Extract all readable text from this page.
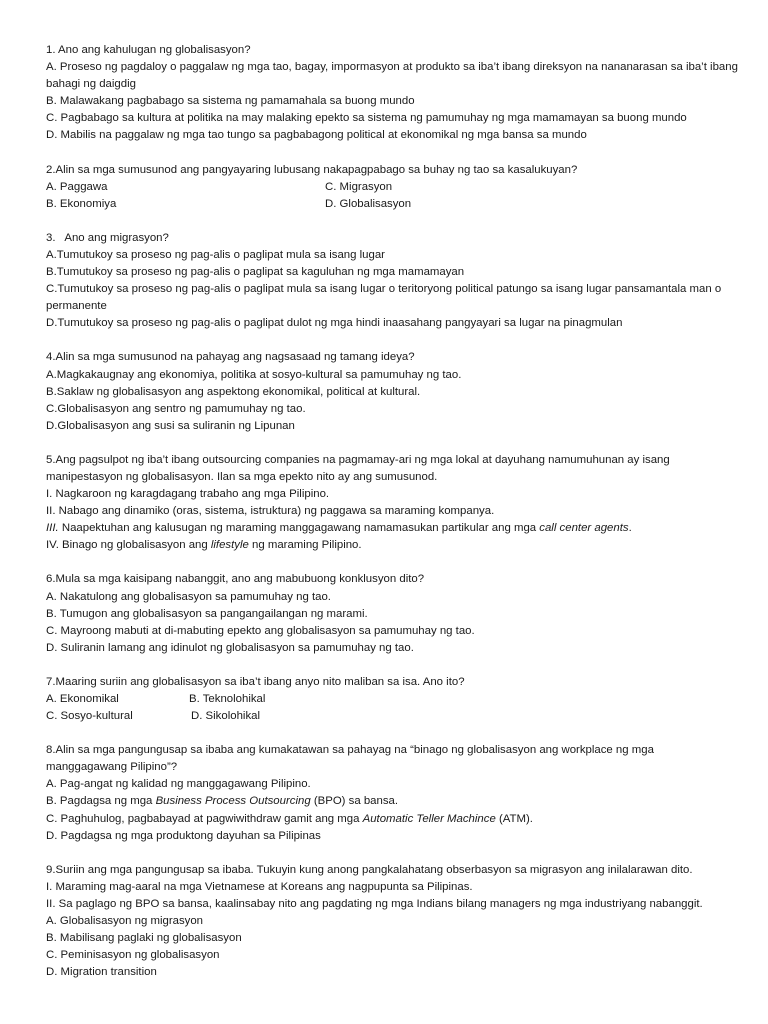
1. Ano ang kahulugan ng globalisasyon?

A. Proseso ng pagdaloy o paggalaw ng mga tao, bagay, impormasyon at produkto sa iba’t ibang direksyon na nananarasan sa iba’t ibang bahagi ng daigdig

B. Malawakang pagbabago sa sistema ng pamamahala sa buong mundo

C. Pagbabago sa kultura at politika na may malaking epekto sa sistema ng pamumuhay ng mga mamamayan sa buong mundo

D. Mabilis na paggalaw ng mga tao tungo sa pagbabagong political at ekonomikal ng mga bansa sa mundo

2.Alin sa mga sumusunod ang pangyayaring lubusang nakapagpabago sa buhay ng tao sa kasalukuyan?

A. Paggawa	C. Migrasyon
B. Ekonomiya	D. Globalisasyon

3.   Ano ang migrasyon?

A.Tumutukoy sa proseso ng pag-alis o paglipat mula sa isang lugar

B.Tumutukoy sa proseso ng pag-alis o paglipat sa kaguluhan ng mga mamamayan

C.Tumutukoy sa proseso ng pag-alis o paglipat mula sa isang lugar o teritoryong political patungo sa isang lugar pansamantala man o permanente

D.Tumutukoy sa proseso ng pag-alis o paglipat dulot ng mga hindi inaasahang pangyayari sa lugar na pinagmulan

4.Alin sa mga sumusunod na pahayag ang nagsasaad ng tamang ideya?

A.Magkakaugnay ang ekonomiya, politika at sosyo-kultural sa pamumuhay ng tao.

B.Saklaw ng globalisasyon ang aspektong ekonomikal, political at kultural.

C.Globalisasyon ang sentro ng pamumuhay ng tao.

D.Globalisasyon ang susi sa suliranin ng Lipunan

5.Ang pagsulpot ng iba’t ibang outsourcing companies na pagmamay-ari ng mga lokal at dayuhang namumuhunan ay isang manipestasyon ng globalisasyon. Ilan sa mga epekto nito ay ang sumusunod.

I. Nagkaroon ng karagdagang trabaho ang mga Pilipino.

II. Nabago ang dinamiko (oras, sistema, istruktura) ng paggawa sa maraming kompanya.

III. Naapektuhan ang kalusugan ng maraming manggagawang namamasukan partikular ang mga call center agents.

IV. Binago ng globalisasyon ang lifestyle ng maraming Pilipino.

6.Mula sa mga kaisipang nabanggit, ano ang mabubuong konklusyon dito?

A. Nakatulong ang globalisasyon sa pamumuhay ng tao.

B. Tumugon ang globalisasyon sa pangangailangan ng marami.

C. Mayroong mabuti at di-mabuting epekto ang globalisasyon sa pamumuhay ng tao.

D. Suliranin lamang ang idinulot ng globalisasyon sa pamumuhay ng tao.

7.Maaring suriin ang globalisasyon sa iba’t ibang anyo nito maliban sa isa. Ano ito?

A. Ekonomikal	B. Teknolohikal
C. Sosyo-kultural	D. Sikolohikal

8.Alin sa mga pangungusap sa ibaba ang kumakatawan sa pahayag na “binago ng globalisasyon ang workplace ng mga manggagawang Pilipino”?

A. Pag-angat ng kalidad ng manggagawang Pilipino.

B. Pagdagsa ng mga Business Process Outsourcing (BPO) sa bansa.

C. Paghuhulog, pagbabayad at pagwiwithdraw gamit ang mga Automatic Teller Machince (ATM).

D. Pagdagsa ng mga produktong dayuhan sa Pilipinas

9.Suriin ang mga pangungusap sa ibaba. Tukuyin kung anong pangkalahatang obserbasyon sa migrasyon ang inilalarawan dito.

I. Maraming mag-aaral na mga Vietnamese at Koreans ang nagpupunta sa Pilipinas.

II. Sa paglago ng BPO sa bansa, kaalinsabay nito ang pagdating ng mga Indians bilang managers ng mga industriyang nabanggit.

A. Globalisasyon ng migrasyon

B. Mabilisang paglaki ng globalisasyon

C. Peminisasyon ng globalisasyon

D. Migration transition
